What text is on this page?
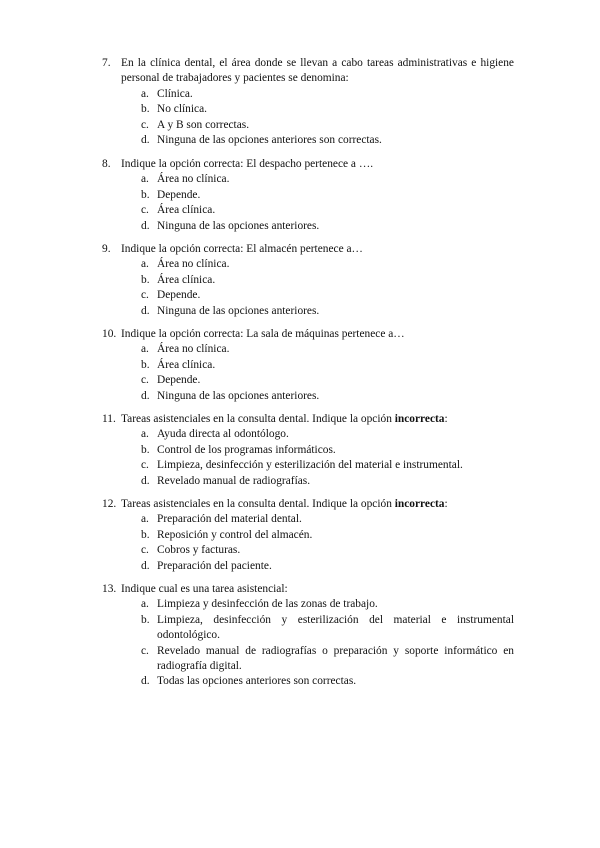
7. En la clínica dental, el área donde se llevan a cabo tareas administrativas e higiene personal de trabajadores y pacientes se denomina:
a. Clínica.
b. No clínica.
c. A y B son correctas.
d. Ninguna de las opciones anteriores son correctas.
8. Indique la opción correcta: El despacho pertenece a ….
a. Área no clínica.
b. Depende.
c. Área clínica.
d. Ninguna de las opciones anteriores.
9. Indique la opción correcta: El almacén pertenece a…
a. Área no clínica.
b. Área clínica.
c. Depende.
d. Ninguna de las opciones anteriores.
10. Indique la opción correcta: La sala de máquinas pertenece a…
a. Área no clínica.
b. Área clínica.
c. Depende.
d. Ninguna de las opciones anteriores.
11. Tareas asistenciales en la consulta dental. Indique la opción incorrecta:
a. Ayuda directa al odontólogo.
b. Control de los programas informáticos.
c. Limpieza, desinfección y esterilización del material e instrumental.
d. Revelado manual de radiografías.
12. Tareas asistenciales en la consulta dental. Indique la opción incorrecta:
a. Preparación del material dental.
b. Reposición y control del almacén.
c. Cobros y facturas.
d. Preparación del paciente.
13. Indique cual es una tarea asistencial:
a. Limpieza y desinfección de las zonas de trabajo.
b. Limpieza, desinfección y esterilización del material e instrumental odontológico.
c. Revelado manual de radiografías o preparación y soporte informático en radiografía digital.
d. Todas las opciones anteriores son correctas.
